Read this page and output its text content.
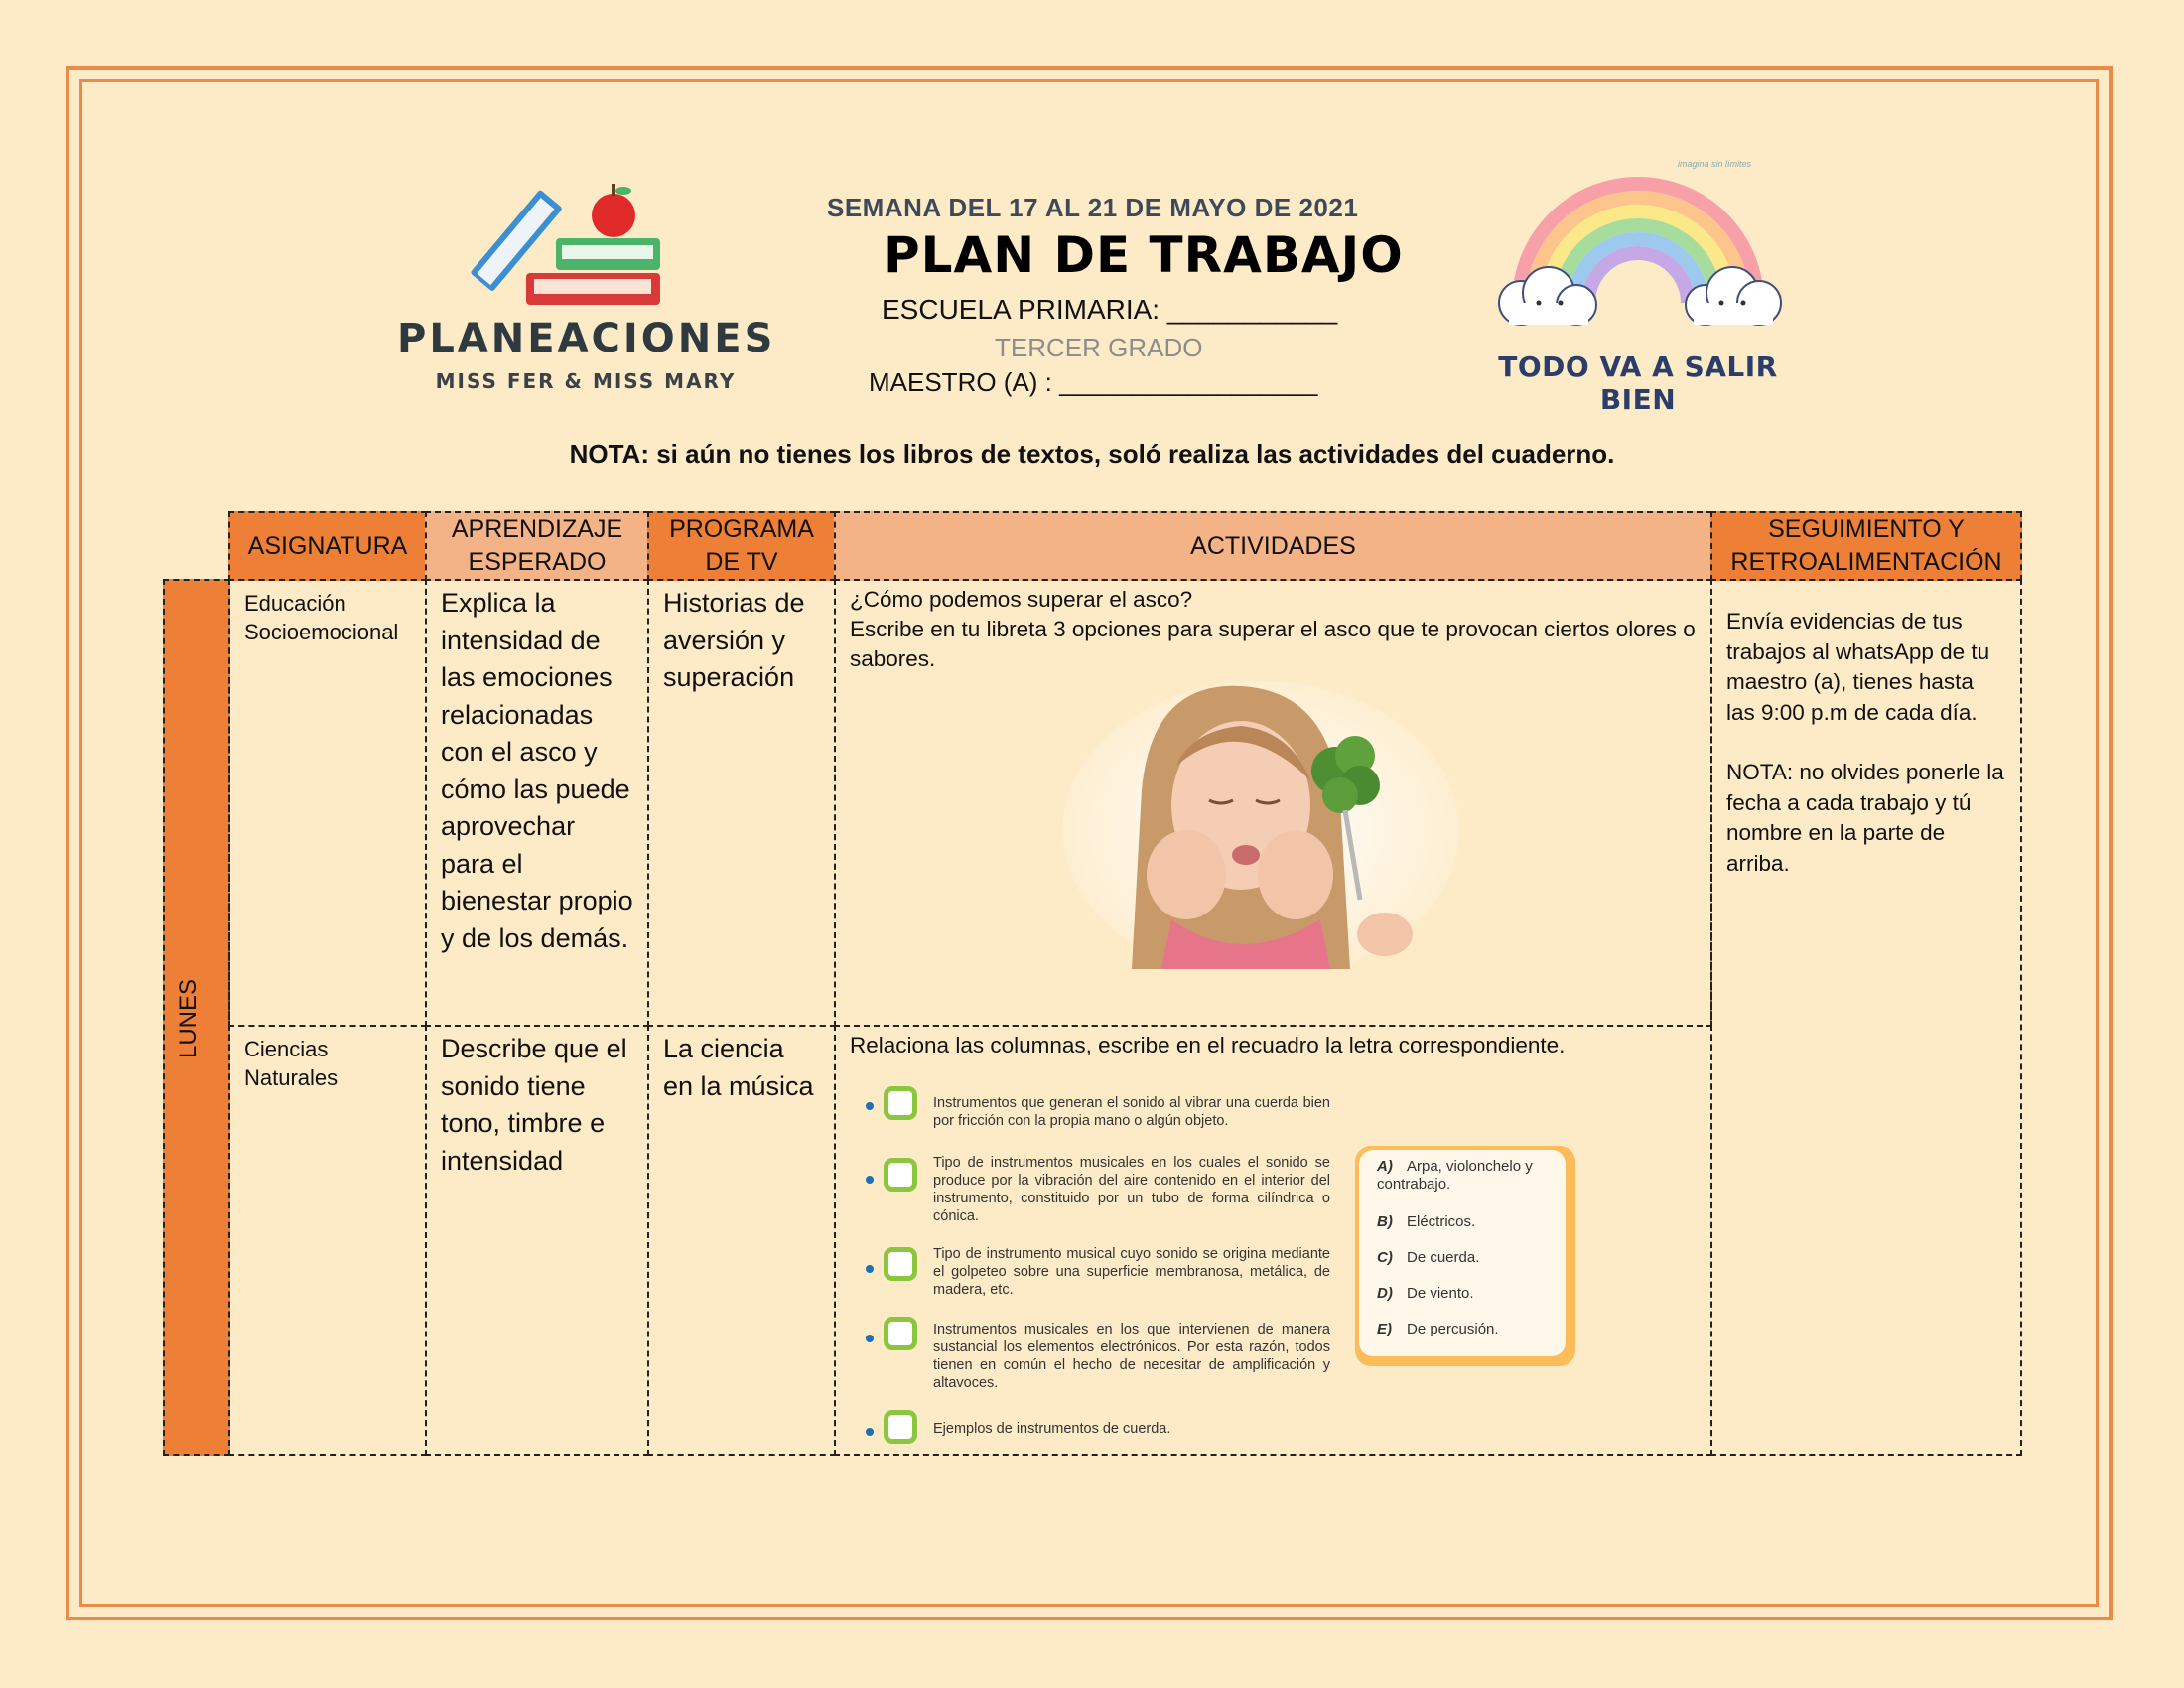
PLANEACIONES
MISS FER & MISS MARY
SEMANA DEL 17 AL 21 DE MAYO DE 2021
PLAN DE TRABAJO
ESCUELA PRIMARIA: ___________
TERCER GRADO
MAESTRO (A) : __________________
imagina sin límites
TODO VA A SALIR BIEN
NOTA: si aún no tienes los libros de textos, soló realiza las actividades del cuaderno.
ASIGNATURA
APRENDIZAJE ESPERADO
PROGRAMA DE TV
ACTIVIDADES
SEGUIMIENTO Y RETROALIMENTACIÓN
LUNES
Educación Socioemocional
Explica la intensidad de las emociones relacionadas con el asco y cómo las puede aprovechar para el bienestar propio y de los demás.
Historias de aversión y superación
¿Cómo podemos superar el asco?
Escribe en tu libreta 3 opciones para superar el asco que te provocan ciertos olores o sabores.
Ciencias Naturales
Describe que el sonido tiene tono, timbre e intensidad
La ciencia en la música
Relaciona las columnas, escribe en el recuadro la letra correspondiente.

Envía evidencias de tus trabajos al whatsApp de tu maestro (a), tienes hasta las 9:00 p.m de cada día.

NOTA: no olvides ponerle la fecha a cada trabajo y tú nombre en la parte de arriba.

Instrumentos que generan el sonido al vibrar una cuerda bien por fricción con la propia mano o algún objeto.
Tipo de instrumentos musicales en los cuales el sonido se produce por la vibración del aire contenido en el interior del instrumento, constituido por un tubo de forma cilíndrica o cónica.
Tipo de instrumento musical cuyo sonido se origina mediante el golpeteo sobre una superficie membranosa, metálica, de madera, etc.
Instrumentos musicales en los que intervienen de manera sustancial los elementos electrónicos. Por esta razón, todos tienen en común el hecho de necesitar de amplificación y altavoces.
Ejemplos de instrumentos de cuerda.
A) Arpa, violonchelo y contrabajo.
B) Eléctricos.
C) De cuerda.
D) De viento.
E) De percusión.
